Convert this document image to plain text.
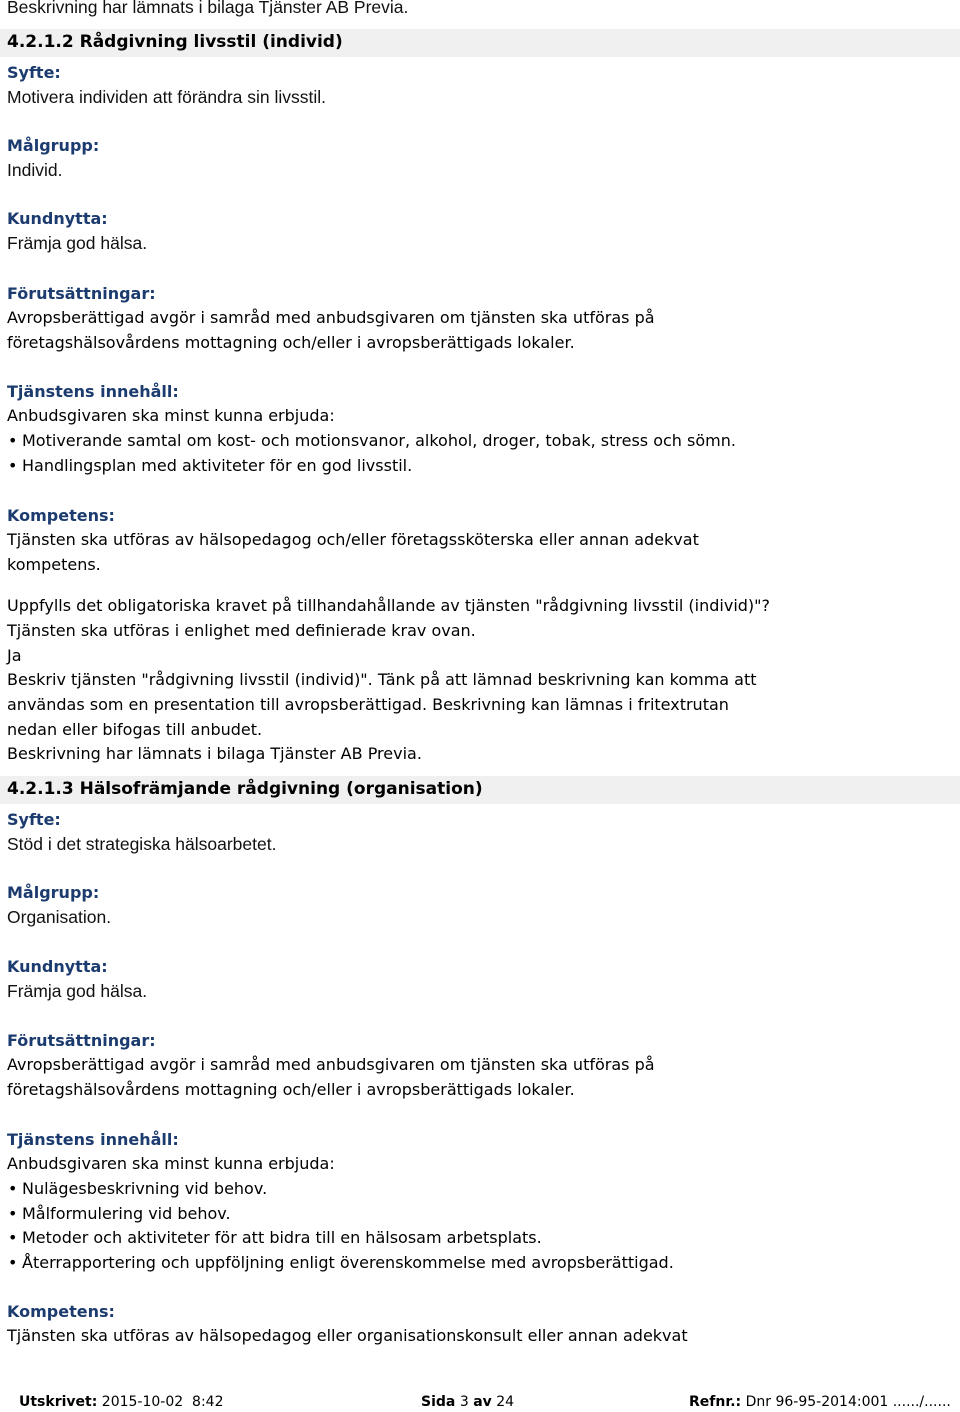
Beskrivning har lämnats i bilaga Tjänster AB Previa.
4.2.1.2 Rådgivning livsstil (individ)
Syfte:
Motivera individen att förändra sin livsstil.
Målgrupp:
Individ.
Kundnytta:
Främja god hälsa.
Förutsättningar:
Avropsberättigad avgör i samråd med anbudsgivaren om tjänsten ska utföras på
företagshälsovårdens mottagning och/eller i avropsberättigads lokaler.
Tjänstens innehåll:
Anbudsgivaren ska minst kunna erbjuda:
• Motiverande samtal om kost- och motionsvanor, alkohol, droger, tobak, stress och sömn.
• Handlingsplan med aktiviteter för en god livsstil.
Kompetens:
Tjänsten ska utföras av hälsopedagog och/eller företagssköterska eller annan adekvat
kompetens.
Uppfylls det obligatoriska kravet på tillhandahållande av tjänsten "rådgivning livsstil (individ)"?
Tjänsten ska utföras i enlighet med definierade krav ovan.
Ja
Beskriv tjänsten "rådgivning livsstil (individ)". Tänk på att lämnad beskrivning kan komma att
användas som en presentation till avropsberättigad. Beskrivning kan lämnas i fritextrutan
nedan eller bifogas till anbudet.
Beskrivning har lämnats i bilaga Tjänster AB Previa.
4.2.1.3 Hälsofrämjande rådgivning (organisation)
Syfte:
Stöd i det strategiska hälsoarbetet.
Målgrupp:
Organisation.
Kundnytta:
Främja god hälsa.
Förutsättningar:
Avropsberättigad avgör i samråd med anbudsgivaren om tjänsten ska utföras på
företagshälsovårdens mottagning och/eller i avropsberättigads lokaler.
Tjänstens innehåll:
Anbudsgivaren ska minst kunna erbjuda:
• Nulägesbeskrivning vid behov.
• Målformulering vid behov.
• Metoder och aktiviteter för att bidra till en hälsosam arbetsplats.
• Återrapportering och uppföljning enligt överenskommelse med avropsberättigad.
Kompetens:
Tjänsten ska utföras av hälsopedagog eller organisationskonsult eller annan adekvat
Utskrivet: 2015-10-02  8:42	Sida 3 av 24	Refnr.: Dnr 96-95-2014:001 ....../......
